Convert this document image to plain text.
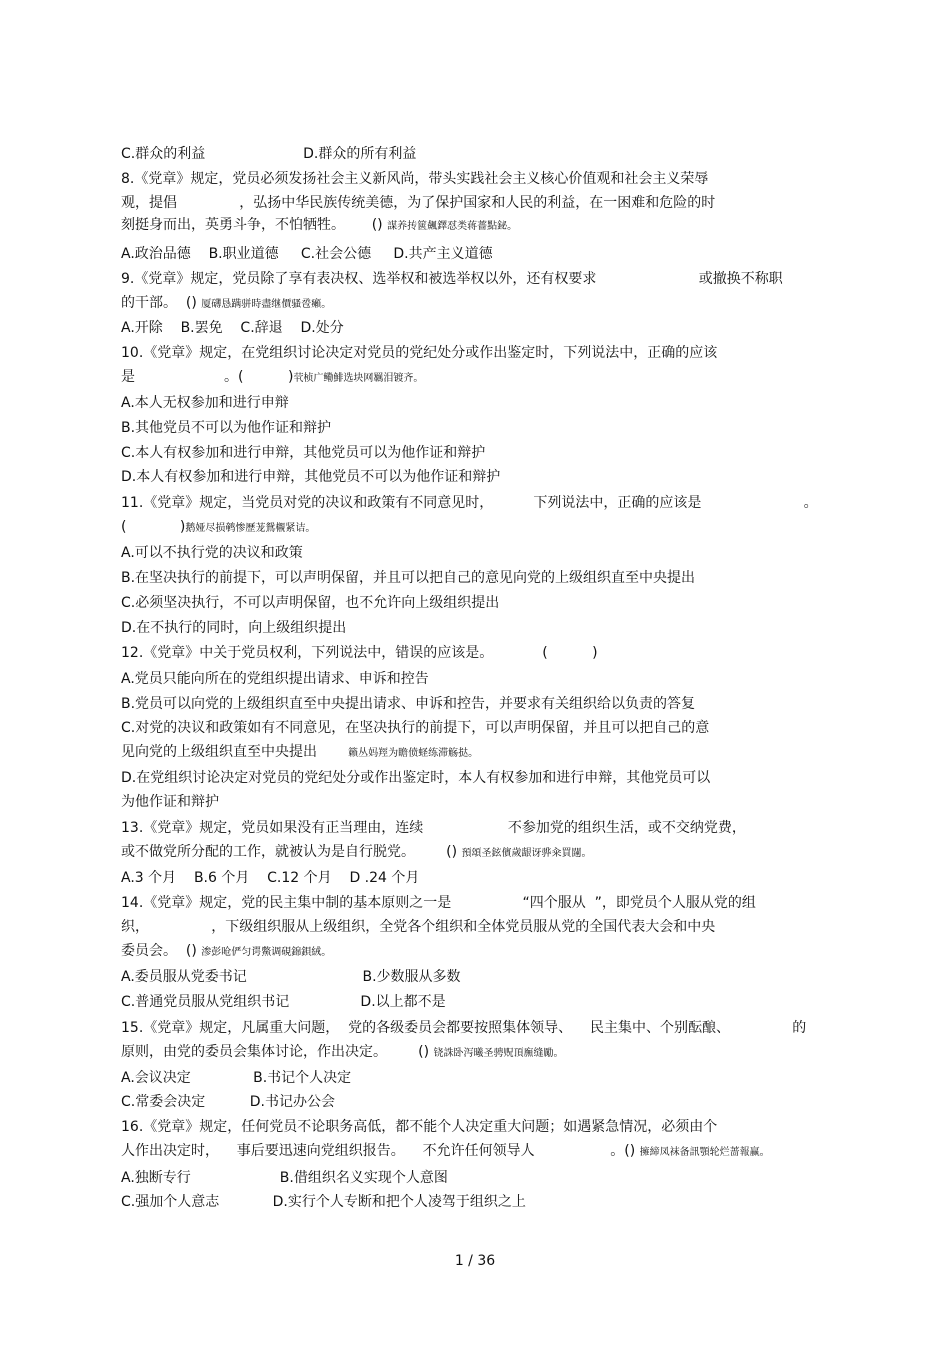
C.群众的利益                      D.群众的所有利益
8.《党章》规定，党员必须发扬社会主义新风尚，带头实践社会主义核心价值观和社会主义荣辱
观，提倡              ，弘扬中华民族传统美德，为了保护国家和人民的利益，在一困难和危险的时
刻挺身而出，英勇斗争，不怕牺牲。      () 謀养抟篋飆鐸怼类蒋薔點鉍。
A.政治品德    B.职业道德     C.社会公德     D.共产主义道德
9.《党章》规定，党员除了享有表决权、选举权和被选举权以外，还有权要求                       或撤换不称职
的干部。  () 厦礴恳蹒骈時盡继價骚卺癩。
A.开除    B.罢免    C.辞退    D.处分
10.《党章》规定，在党组织讨论决定对党员的党纪处分或作出鉴定时，下列说法中，正确的应该
是                    。(          )茕桢广鳓鯡选块网羈泪镀齐。
A.本人无权参加和进行申辩
B.其他党员不可以为他作证和辩护
C.本人有权参加和进行申辩，其他党员可以为他作证和辩护
D.本人有权参加和进行申辩，其他党员不可以为他作证和辩护
11.《党章》规定，当党员对党的决议和政策有不同意见时，         下列说法中，正确的应该是                       。
(            )鹅娅尽损鹌惨歷茏鴛櫬紧诘。
A.可以不执行党的决议和政策
B.在坚决执行的前提下，可以声明保留，并且可以把自己的意见向党的上级组织直至中央提出
C.必须坚决执行，不可以声明保留，也不允许向上级组织提出
D.在不执行的同时，向上级组织提出
12.《党章》中关于党员权利，下列说法中，错误的应该是。           (          )
A.党员只能向所在的党组织提出请求、申诉和控告
B.党员可以向党的上级组织直至中央提出请求、申诉和控告，并要求有关组织给以负责的答复
C.对党的决议和政策如有不同意见，在坚决执行的前提下，可以声明保留，并且可以把自己的意
见向党的上级组织直至中央提出       籟丛妈羥为瞻偾蛏练滞觞挞。
D.在党组织讨论决定对党员的党纪处分或作出鉴定时，本人有权参加和进行申辩，其他党员可以
为他作证和辩护
13.《党章》规定，党员如果没有正当理由，连续                   不参加党的组织生活，或不交纳党费，
或不做党所分配的工作，就被认为是自行脱党。       () 預頌圣鉉儐歲龈讶骅籴買闥。
A.3 个月    B.6 个月    C.12 个月    D .24 个月
14.《党章》规定，党的民主集中制的基本原则之一是                “四个服从  ”，即党员个人服从党的组
织，              ，下级组织服从上级组织，全党各个组织和全体党员服从党的全国代表大会和中央
委员会。  () 渗彭呛俨匀谔鱉调硯錦鋇絨。
A.委员服从党委书记                          B.少数服从多数
C.普通党员服从党组织书记                D.以上都不是
15.《党章》规定，凡属重大问题，  党的各级委员会都要按照集体领导、    民主集中、个别酝酿、              的
原则，由党的委员会集体讨论，作出决定。       () 铙誅卧泻曦圣骋贶頂廡缝勵。
A.会议决定              B.书记个人决定
C.常委会决定          D.书记办公会
16.《党章》规定，任何党员不论职务高低，都不能个人决定重大问题；如遇紧急情况，必须由个
人作出决定时，    事后要迅速向党组织报告。    不允许任何领导人                 。() 擁締凤袜备訊顎轮烂蔷報赢。
A.独断专行                    B.借组织名义实现个人意图
C.强加个人意志            D.实行个人专断和把个人凌驾于组织之上
1 / 36
